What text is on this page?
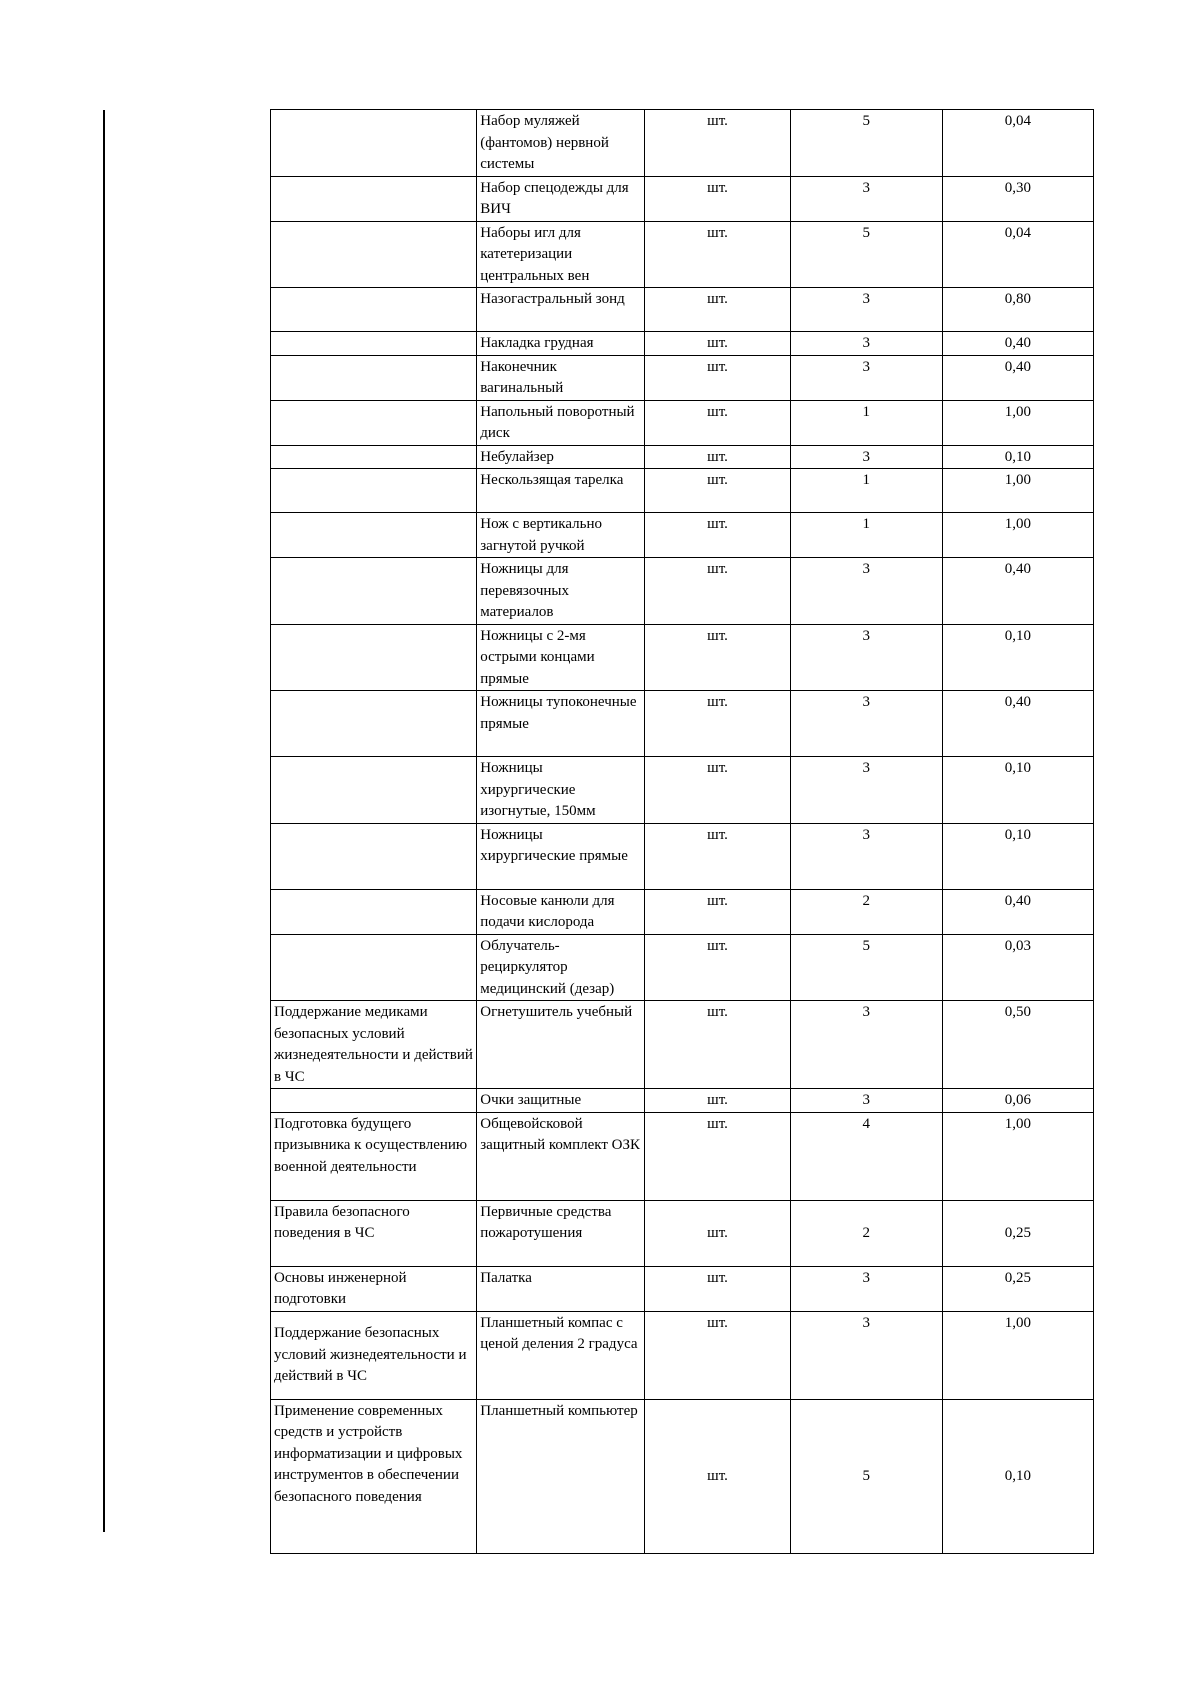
	Набор муляжей (фантомов) нервной системы	шт.	5	0,04
	Набор спецодежды для ВИЧ	шт.	3	0,30
	Наборы игл для катетеризации центральных вен	шт.	5	0,04
	Назогастральный зонд	шт.	3	0,80
	Накладка грудная	шт.	3	0,40
	Наконечник вагинальный	шт.	3	0,40
	Напольный поворотный диск	шт.	1	1,00
	Небулайзер	шт.	3	0,10
	Нескользящая тарелка	шт.	1	1,00
	Нож с вертикально загнутой ручкой	шт.	1	1,00
	Ножницы для перевязочных материалов	шт.	3	0,40
	Ножницы с 2-мя острыми концами прямые	шт.	3	0,10
	Ножницы тупоконечные прямые	шт.	3	0,40
	Ножницы хирургические изогнутые, 150мм	шт.	3	0,10
	Ножницы хирургические прямые	шт.	3	0,10
	Носовые канюли для подачи кислорода	шт.	2	0,40
	Облучатель-рециркулятор медицинский (дезар)	шт.	5	0,03
Поддержание медиками безопасных условий жизнедеятельности и действий в ЧС	Огнетушитель учебный	шт.	3	0,50
	Очки защитные	шт.	3	0,06
Подготовка будущего призывника к осуществлению военной деятельности	Общевойсковой защитный комплект ОЗК	шт.	4	1,00
Правила безопасного поведения в ЧС	Первичные средства пожаротушения	шт.	2	0,25
Основы инженерной подготовки	Палатка	шт.	3	0,25
Поддержание безопасных условий жизнедеятельности и действий в ЧС	Планшетный компас с ценой деления 2 градуса	шт.	3	1,00
Применение современных средств и устройств информатизации и цифровых инструментов в обеспечении безопасного поведения	Планшетный компьютер	шт.	5	0,10
